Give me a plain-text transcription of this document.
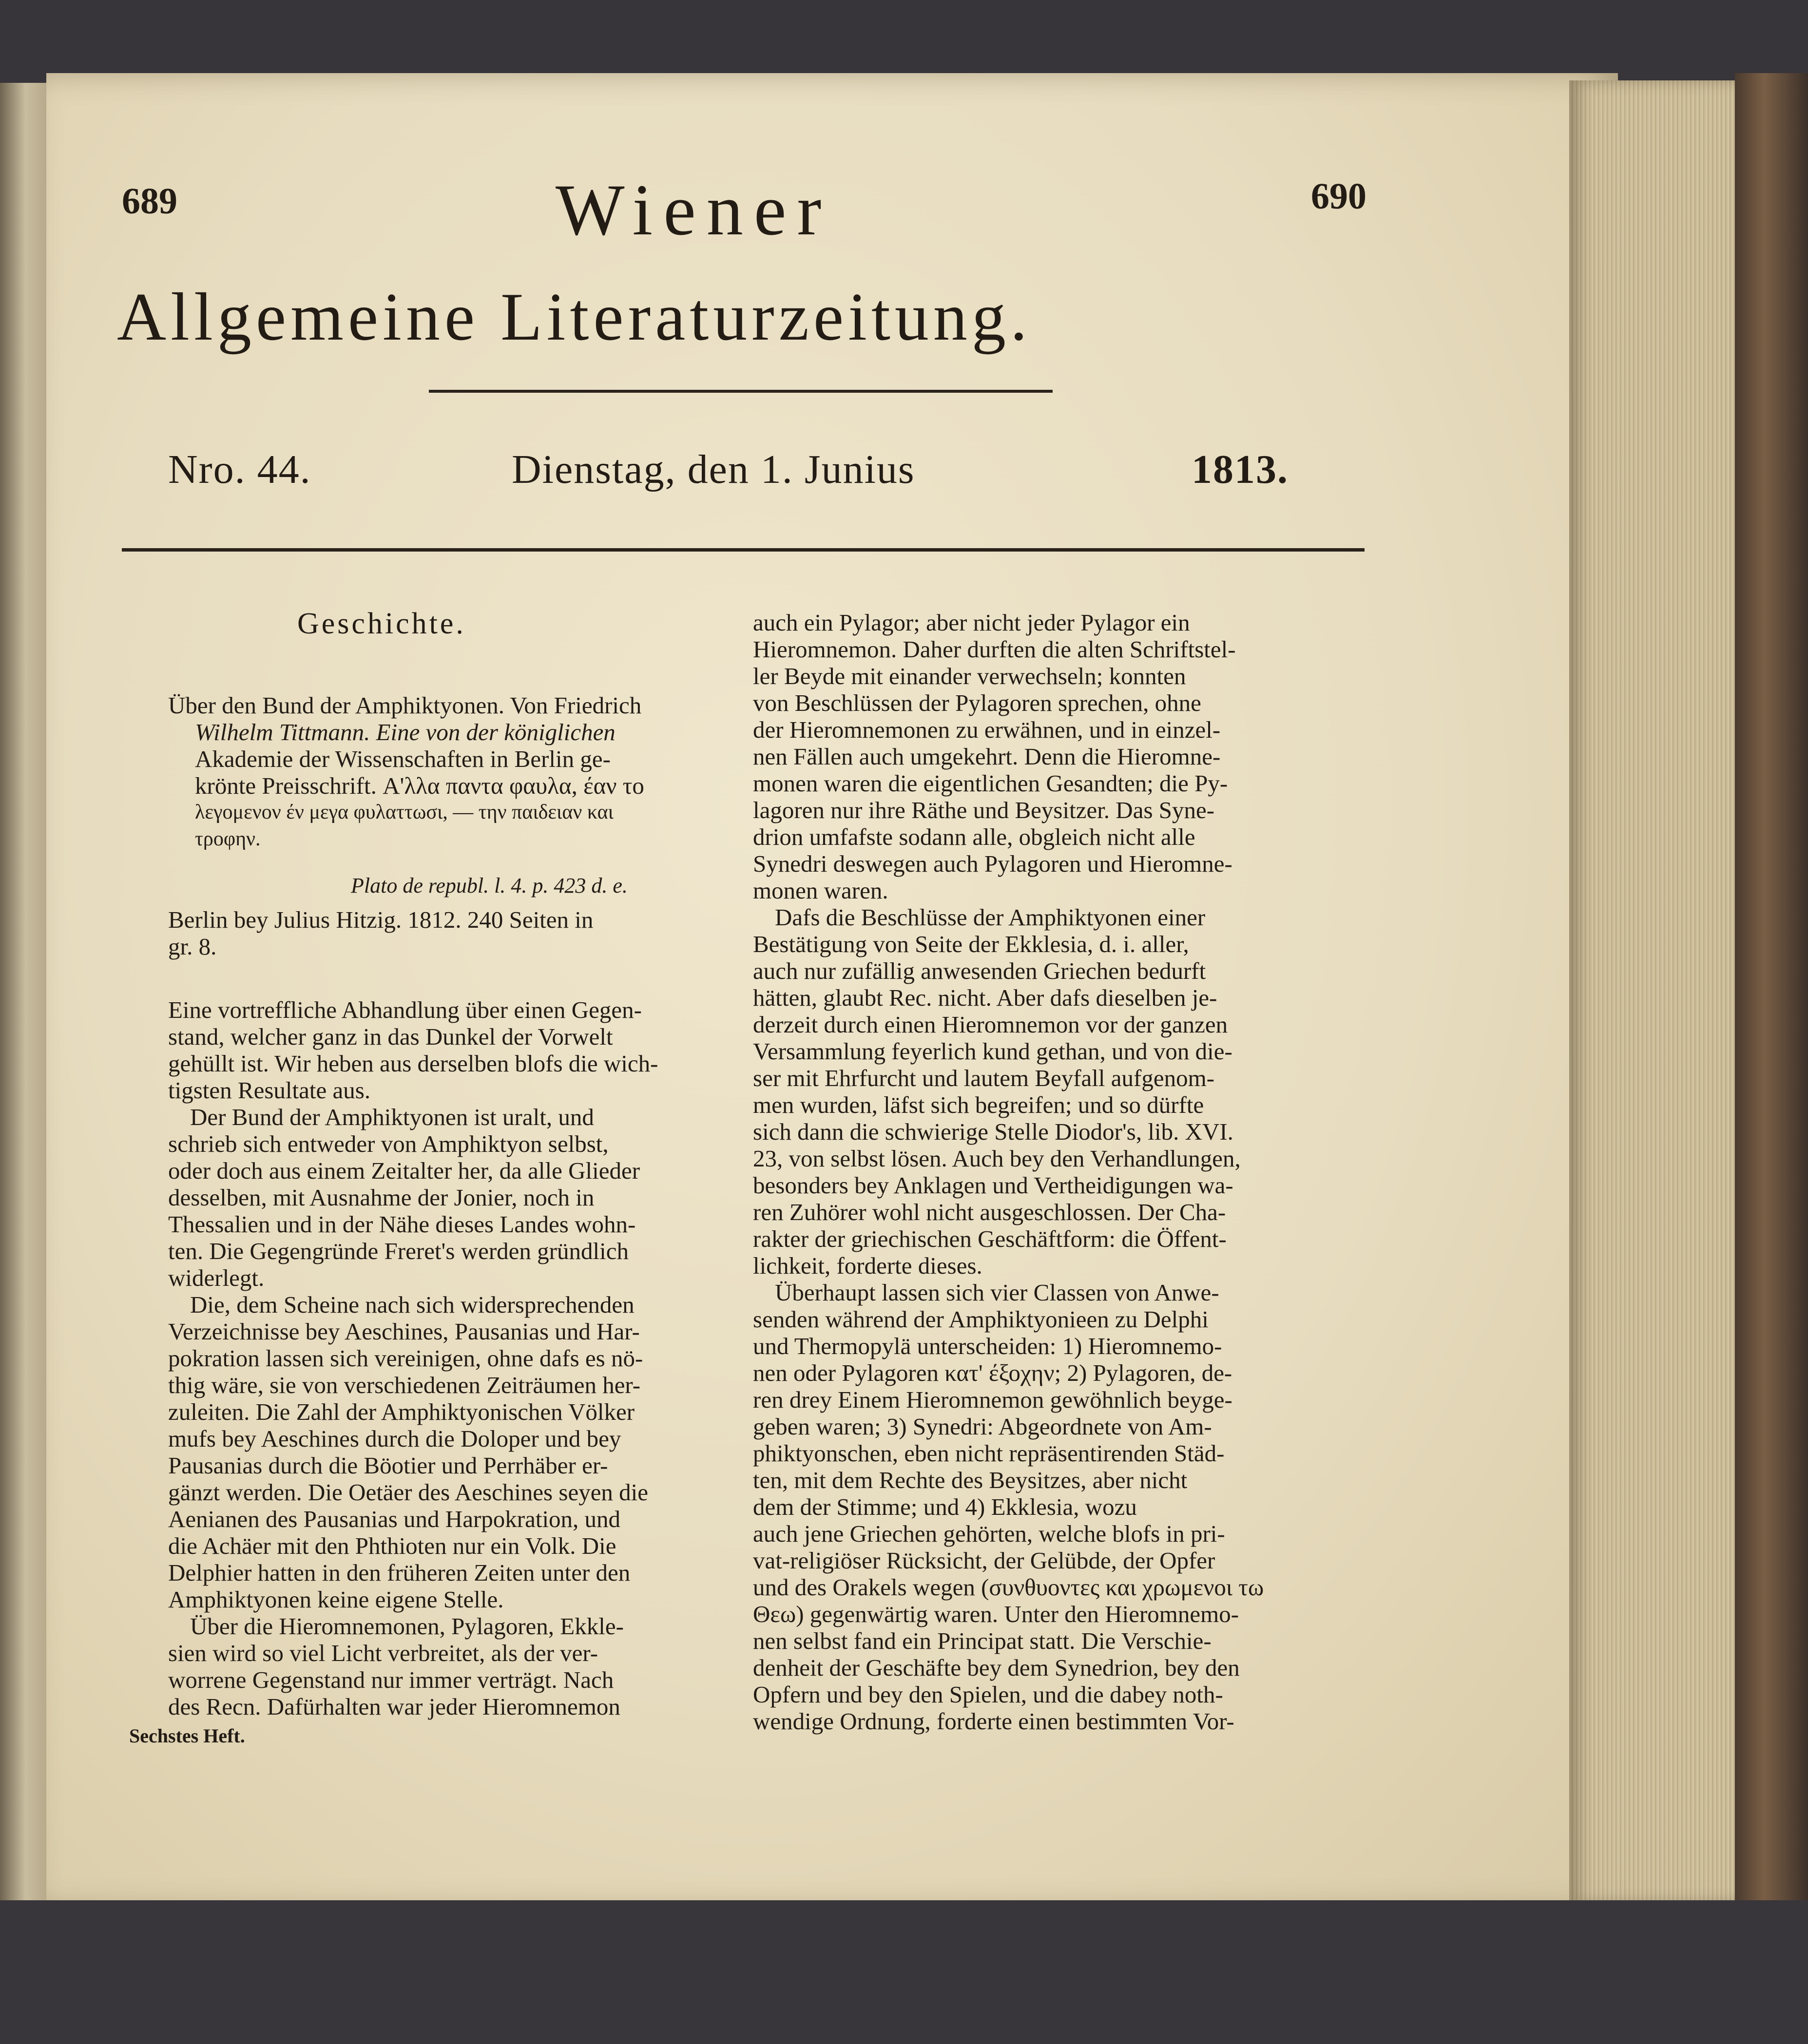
689	690
Wiener
Allgemeine Literaturzeitung.
Nro. 44.	Dienstag, den 1. Junius	1813.
Geschichte.
Über den Bund der Amphiktyonen. Von Friedrich
Wilhelm Tittmann. Eine von der königlichen
Akademie der Wissenschaften in Berlin ge-
krönte Preisschrift. Α'λλα παντα φαυλα, έαν το
λεγομενον έν μεγα φυλαττωσι, — την παιδειαν και
τροφην.
Plato de republ. l. 4. p. 423 d. e.
Berlin bey Julius Hitzig. 1812. 240 Seiten in
gr. 8.
Eine vortreffliche Abhandlung über einen Gegen-
stand, welcher ganz in das Dunkel der Vorwelt
gehüllt ist. Wir heben aus derselben blofs die wich-
tigsten Resultate aus.
Der Bund der Amphiktyonen ist uralt, und
schrieb sich entweder von Amphiktyon selbst,
oder doch aus einem Zeitalter her, da alle Glieder
desselben, mit Ausnahme der Jonier, noch in
Thessalien und in der Nähe dieses Landes wohn-
ten. Die Gegengründe Freret's werden gründlich
widerlegt.
Die, dem Scheine nach sich widersprechenden
Verzeichnisse bey Aeschines, Pausanias und Har-
pokration lassen sich vereinigen, ohne dafs es nö-
thig wäre, sie von verschiedenen Zeiträumen her-
zuleiten. Die Zahl der Amphiktyonischen Völker
mufs bey Aeschines durch die Doloper und bey
Pausanias durch die Böotier und Perrhäber er-
gänzt werden. Die Oetäer des Aeschines seyen die
Aenianen des Pausanias und Harpokration, und
die Achäer mit den Phthioten nur ein Volk. Die
Delphier hatten in den früheren Zeiten unter den
Amphiktyonen keine eigene Stelle.
Über die Hieromnemonen, Pylagoren, Ekkle-
sien wird so viel Licht verbreitet, als der ver-
worrene Gegenstand nur immer verträgt. Nach
des Recn. Dafürhalten war jeder Hieromnemon
Sechstes Heft.
auch ein Pylagor; aber nicht jeder Pylagor ein
Hieromnemon. Daher durften die alten Schriftstel-
ler Beyde mit einander verwechseln; konnten
von Beschlüssen der Pylagoren sprechen, ohne
der Hieromnemonen zu erwähnen, und in einzel-
nen Fällen auch umgekehrt. Denn die Hieromne-
monen waren die eigentlichen Gesandten; die Py-
lagoren nur ihre Räthe und Beysitzer. Das Syne-
drion umfafste sodann alle, obgleich nicht alle
Synedri deswegen auch Pylagoren und Hieromne-
monen waren.
Dafs die Beschlüsse der Amphiktyonen einer
Bestätigung von Seite der Ekklesia, d. i. aller,
auch nur zufällig anwesenden Griechen bedurft
hätten, glaubt Rec. nicht. Aber dafs dieselben je-
derzeit durch einen Hieromnemon vor der ganzen
Versammlung feyerlich kund gethan, und von die-
ser mit Ehrfurcht und lautem Beyfall aufgenom-
men wurden, läfst sich begreifen; und so dürfte
sich dann die schwierige Stelle Diodor's, lib. XVI.
23, von selbst lösen. Auch bey den Verhandlungen,
besonders bey Anklagen und Vertheidigungen wa-
ren Zuhörer wohl nicht ausgeschlossen. Der Cha-
rakter der griechischen Geschäftform: die Öffent-
lichkeit, forderte dieses.
Überhaupt lassen sich vier Classen von Anwe-
senden während der Amphiktyonieen zu Delphi
und Thermopylä unterscheiden: 1) Hieromnemo-
nen oder Pylagoren κατ' έξοχην; 2) Pylagoren, de-
ren drey Einem Hieromnemon gewöhnlich beyge-
geben waren; 3) Synedri: Abgeordnete von Am-
phiktyonschen, eben nicht repräsentirenden Städ-
ten, mit dem Rechte des Beysitzes, aber nicht
dem der Stimme; und 4) Ekklesia, wozu
auch jene Griechen gehörten, welche blofs in pri-
vat-religiöser Rücksicht, der Gelübde, der Opfer
und des Orakels wegen (συνθυοντες και χρωμενοι τω
Θεω) gegenwärtig waren. Unter den Hieromnemo-
nen selbst fand ein Principat statt. Die Verschie-
denheit der Geschäfte bey dem Synedrion, bey den
Opfern und bey den Spielen, und die dabey noth-
wendige Ordnung, forderte einen bestimmten Vor-
